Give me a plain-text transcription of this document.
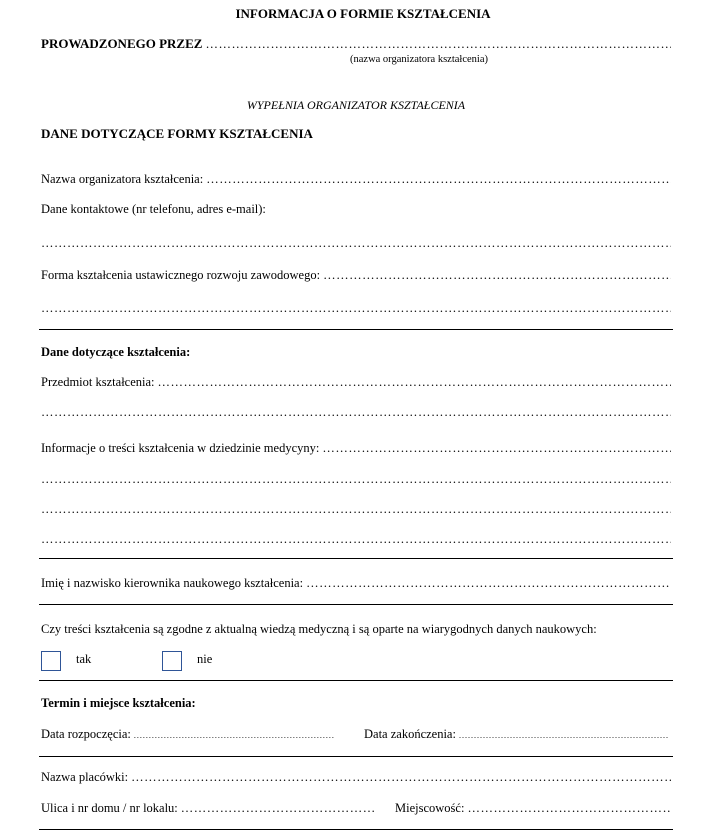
INFORMACJA O FORMIE KSZTAŁCENIA
PROWADZONEGO PRZEZ
…………………………………………………………………………………………………………………………………………………………………………………………………………………………
(nazwa organizatora kształcenia)
WYPEŁNIA ORGANIZATOR KSZTAŁCENIA
DANE DOTYCZĄCE FORMY KSZTAŁCENIA
Nazwa organizatora kształcenia:
…………………………………………………………………………………………………………………………………………………………………………………………………………………………
Dane kontaktowe (nr telefonu, adres e-mail):
…………………………………………………………………………………………………………………………………………………………………………………………………………………………
Forma kształcenia ustawicznego rozwoju zawodowego:
…………………………………………………………………………………………………………………………………………………………………………………………………………………………
…………………………………………………………………………………………………………………………………………………………………………………………………………………………
Dane dotyczące kształcenia:
Przedmiot kształcenia:
…………………………………………………………………………………………………………………………………………………………………………………………………………………………
…………………………………………………………………………………………………………………………………………………………………………………………………………………………
Informacje o treści kształcenia w dziedzinie medycyny:
…………………………………………………………………………………………………………………………………………………………………………………………………………………………
…………………………………………………………………………………………………………………………………………………………………………………………………………………………
…………………………………………………………………………………………………………………………………………………………………………………………………………………………
…………………………………………………………………………………………………………………………………………………………………………………………………………………………
Imię i nazwisko kierownika naukowego kształcenia:
…………………………………………………………………………………………………………………………………………………………………………………………………………………………
Czy treści kształcenia są zgodne z aktualną wiedzą medyczną i są oparte na wiarygodnych danych naukowych:
tak	nie
Termin i miejsce kształcenia:
Data rozpoczęcia: .....	Data zakończenia:
.....
Nazwa placówki:
…………………………………………………………………………………………………………………………………………………………………………………………………………………………
Ulica i nr domu / nr lokalu: …………………………………………………………………………………………………………………………………………………………………………………………………………………………	Miejscowość:
…………………………………………………………………………………………………………………………………………………………………………………………………………………………
